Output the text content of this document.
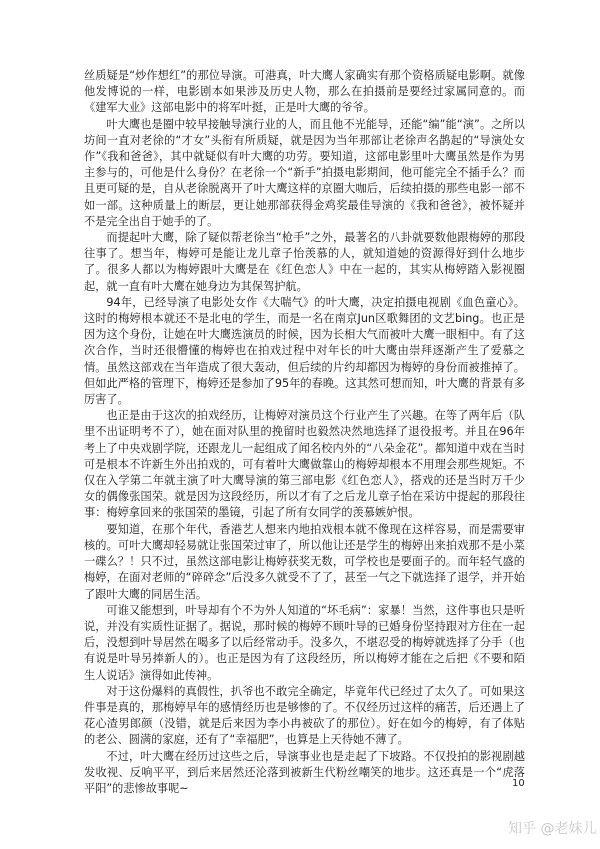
丝质疑是“炒作想红”的那位导演。可港真，叶大鹰人家确实有那个资格质疑电影啊。就像他发博说的一样，电影剧本如果涉及历史人物，那么在拍摄前是要经过家属同意的。而《建军大业》这部电影中的将军叶挺，正是叶大鹰的爷爷。

叶大鹰也是圈中较早接触导演行业的人，而且他不光能导，还能“编”能“演”。之所以坊间一直对老徐的“才女”头衔有所质疑，就是因为当年那部让老徐声名鹊起的“导演处女作”《我和爸爸》，其中就疑似有叶大鹰的功劳。要知道，这部电影里叶大鹰虽然是作为男主参与的，可他是什么身份？在老徐一个“新手”拍摄电影期间，他可能完全不插手么？而且更可疑的是，自从老徐脱离开了叶大鹰这样的京圈大咖后，后续拍摄的那些电影一部不如一部。这种质量上的断层，更让她那部获得金鸡奖最佳导演的《我和爸爸》，被怀疑并不是完全出自于她手的了。

而提起叶大鹰，除了疑似帮老徐当“枪手”之外，最著名的八卦就要数他跟梅婷的那段往事了。想当年，梅婷可是能让龙儿章子怡羡慕的人，就知道她的资源得好到什么地步了。很多人都以为梅婷跟叶大鹰是在《红色恋人》中在一起的，其实从梅婷踏入影视圈起，就一直有叶大鹰在她身边为其保驾护航。

94年，已经导演了电影处女作《大喘气》的叶大鹰，决定拍摄电视剧《血色童心》。这时的梅婷根本就还不是北电的学生，而是一名在南京Jun区歌舞团的文艺bing。也正是因为这个身份，让她在叶大鹰选演员的时候，因为长相大气而被叶大鹰一眼相中。有了这次合作，当时还很懵懂的梅婷也在拍戏过程中对年长的叶大鹰由崇拜逐渐产生了爱慕之情。虽然这部戏在当年造成了很大轰动，但后续的片约却都因为梅婷的身份而被推掉了。但如此严格的管理下，梅婷还是参加了95年的春晚。这其然可想而知，叶大鹰的背景有多厉害了。

也正是由于这次的拍戏经历，让梅婷对演员这个行业产生了兴趣。在等了两年后（队里不出证明考不了），她在面对队里的挽留时也毅然决然地选择了退役报考。并且在96年考上了中央戏剧学院，还跟龙儿一起组成了闻名校内外的“八朵金花”。都知道中戏在当时可是根本不许新生外出拍戏的，可有着叶大鹰做靠山的梅婷却根本不用理会那些规矩。不仅在入学第二年就主演了叶大鹰导演的第三部电影《红色恋人》，搭戏的还是当时万千少女的偶像张国荣。就是因为这段经历，所以才有了之后龙儿章子怡在采访中提起的那段往事：梅婷拿回来的张国荣的墨镜，引起了所有女同学的羡慕嫉妒恨。

要知道，在那个年代，香港艺人想来内地拍戏根本就不像现在这样容易，而是需要审核的。可叶大鹰却轻易就让张国荣过审了，所以他让还是学生的梅婷出来拍戏那不是小菜一碟么？！只不过，虽然这部电影让梅婷获奖无数，可学校也是要面子的。而年轻气盛的梅婷，在面对老师的“碎碎念”后没多久就受不了了，甚至一气之下就选择了退学，并开始了跟叶大鹰的同居生活。

可谁又能想到，叶导却有个不为外人知道的“坏毛病”：家暴！当然，这件事也只是听说，并没有实质性证据了。据说，那时候的梅婷不顾叶导的已婚身份坚持跟对方住在一起后，没想到叶导居然在喝多了以后经常动手。没多久，不堪忍受的梅婷就选择了分手（也有说是叶导另捧新人的）。也正是因为有了这段经历，所以梅婷才能在之后把《不要和陌生人说话》演得如此传神。

对于这份爆料的真假性，扒爷也不敢完全确定，毕竟年代已经过了太久了。可如果这件事是真的，那梅婷早年的感情经历也是够惨的了。不仅经历过这样的痛苦，后还遇上了花心渣男郎颜（没错，就是后来因为李小冉被砍了的那位）。好在如今的梅婷，有了体贴的老公、圆满的家庭，还有了“幸福肥”，也算是上天待她不薄了。

不过，叶大鹰在经历过这些之后，导演事业也是走起了下坡路。不仅投拍的影视剧越发收视、反响平平，到后来居然还沦落到被新生代粉丝嘲笑的地步。这还真是一个“虎落平阳”的悲惨故事呢~	10
知乎 @老妹儿
